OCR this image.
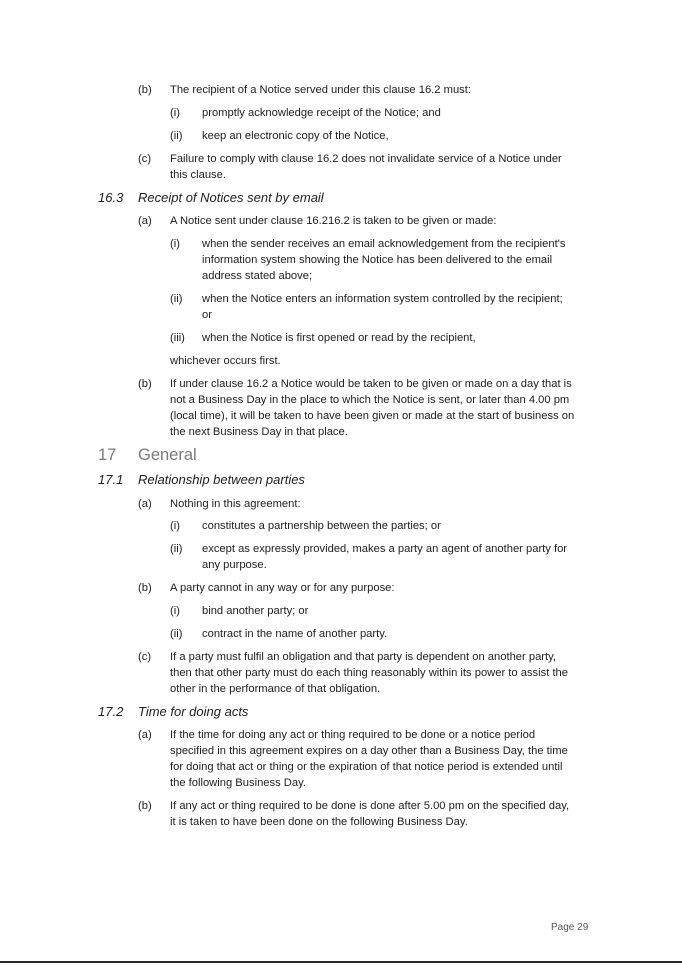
(b) The recipient of a Notice served under this clause 16.2 must:
(i) promptly acknowledge receipt of the Notice; and
(ii) keep an electronic copy of the Notice,
(c) Failure to comply with clause 16.2 does not invalidate service of a Notice under
this clause.
16.3 Receipt of Notices sent by email
(a) A Notice sent under clause 16.216.2 is taken to be given or made:
(i) when the sender receives an email acknowledgement from the recipient's
information system showing the Notice has been delivered to the email
address stated above;
(ii) when the Notice enters an information system controlled by the recipient;
or
(iii) when the Notice is first opened or read by the recipient,
whichever occurs first.
(b) If under clause 16.2 a Notice would be taken to be given or made on a day that is
not a Business Day in the place to which the Notice is sent, or later than 4.00 pm
(local time), it will be taken to have been given or made at the start of business on
the next Business Day in that place.
17 General
17.1 Relationship between parties
(a) Nothing in this agreement:
(i) constitutes a partnership between the parties; or
(ii) except as expressly provided, makes a party an agent of another party for
any purpose.
(b) A party cannot in any way or for any purpose:
(i) bind another party; or
(ii) contract in the name of another party.
(c) If a party must fulfil an obligation and that party is dependent on another party,
then that other party must do each thing reasonably within its power to assist the
other in the performance of that obligation.
17.2 Time for doing acts
(a) If the time for doing any act or thing required to be done or a notice period
specified in this agreement expires on a day other than a Business Day, the time
for doing that act or thing or the expiration of that notice period is extended until
the following Business Day.
(b) If any act or thing required to be done is done after 5.00 pm on the specified day,
it is taken to have been done on the following Business Day.
Page 29
